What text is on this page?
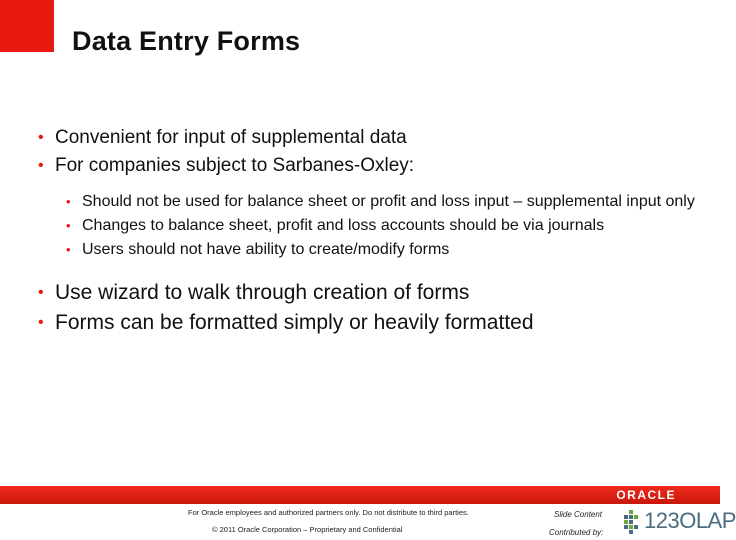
Data Entry Forms
• Convenient for input of supplemental data
• For companies subject to Sarbanes-Oxley:
• Should not be used for balance sheet or profit and loss input – supplemental input only
• Changes to balance sheet, profit and loss accounts should be via journals
• Users should not have ability to create/modify forms
• Use wizard to walk through creation of forms
• Forms can be formatted simply or heavily formatted
ORACLE
For Oracle employees and authorized partners only. Do not distribute to third parties.
© 2011 Oracle Corporation – Proprietary and Confidential
Slide Content
Contributed by: 123OLAP
